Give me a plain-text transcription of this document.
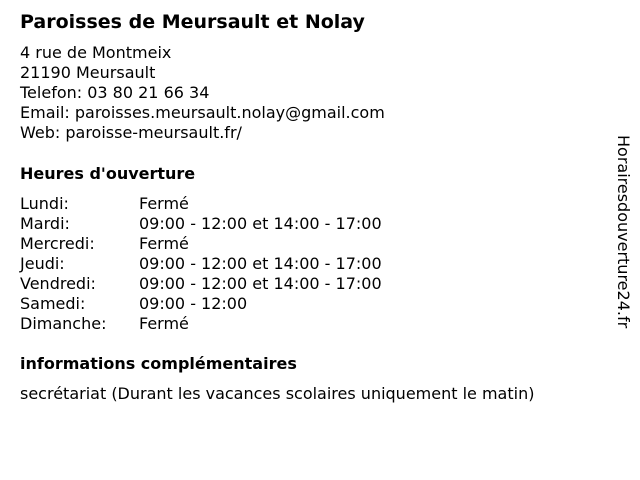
Paroisses de Meursault et Nolay
4 rue de Montmeix
21190 Meursault
Telefon: 03 80 21 66 34
Email: paroisses.meursault.nolay@gmail.com
Web: paroisse-meursault.fr/
Heures d'ouverture
Lundi:	Fermé
Mardi:	09:00 - 12:00 et 14:00 - 17:00
Mercredi:	Fermé
Jeudi:	09:00 - 12:00 et 14:00 - 17:00
Vendredi:	09:00 - 12:00 et 14:00 - 17:00
Samedi:	09:00 - 12:00
Dimanche: Fermé
informations complémentaires
secrétariat (Durant les vacances scolaires uniquement le matin)
Horairesdouverture24.fr
